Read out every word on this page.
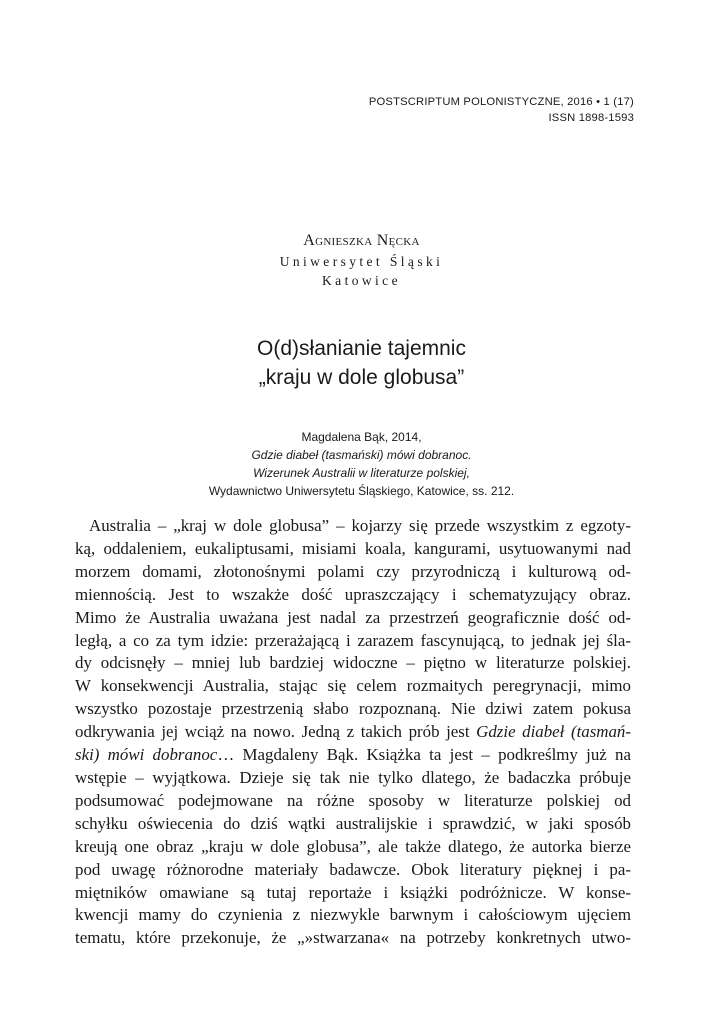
POSTSCRIPTUM POLONISTYCZNE, 2016 • 1 (17)
ISSN 1898-1593
Agnieszka Nęcka
Uniwersytet Śląski
Katowice
O(d)słanianie tajemnic
„kraju w dole globusa”
Magdalena Bąk, 2014,
Gdzie diabeł (tasmański) mówi dobranoc.
Wizerunek Australii w literaturze polskiej,
Wydawnictwo Uniwersytetu Śląskiego, Katowice, ss. 212.
Australia – „kraj w dole globusa” – kojarzy się przede wszystkim z egzoty-
ką, oddaleniem, eukaliptusami, misiami koala, kangurami, usytuowanymi nad
morzem domami, złotonośnymi polami czy przyrodniczą i kulturową od-
miennością. Jest to wszakże dość upraszczający i schematyzujący obraz.
Mimo że Australia uważana jest nadal za przestrzeń geograficznie dość od-
ległą, a co za tym idzie: przerażającą i zarazem fascynującą, to jednak jej śla-
dy odcisnęły – mniej lub bardziej widoczne – piętno w literaturze polskiej.
W konsekwencji Australia, stając się celem rozmaitych peregrynacji, mimo
wszystko pozostaje przestrzenią słabo rozpoznaną. Nie dziwi zatem pokusa
odkrywania jej wciąż na nowo. Jedną z takich prób jest Gdzie diabeł (tasmań-
ski) mówi dobranoc… Magdaleny Bąk. Książka ta jest – podkreślmy już na
wstępie – wyjątkowa. Dzieje się tak nie tylko dlatego, że badaczka próbuje
podsumować podejmowane na różne sposoby w literaturze polskiej od
schyłku oświecenia do dziś wątki australijskie i sprawdzić, w jaki sposób
kreują one obraz „kraju w dole globusa”, ale także dlatego, że autorka bierze
pod uwagę różnorodne materiały badawcze. Obok literatury pięknej i pa-
miętników omawiane są tutaj reportaże i książki podróżnicze. W konse-
kwencji mamy do czynienia z niezwykle barwnym i całościowym ujęciem
tematu, które przekonuje, że „»stwarzana« na potrzeby konkretnych utwo-
